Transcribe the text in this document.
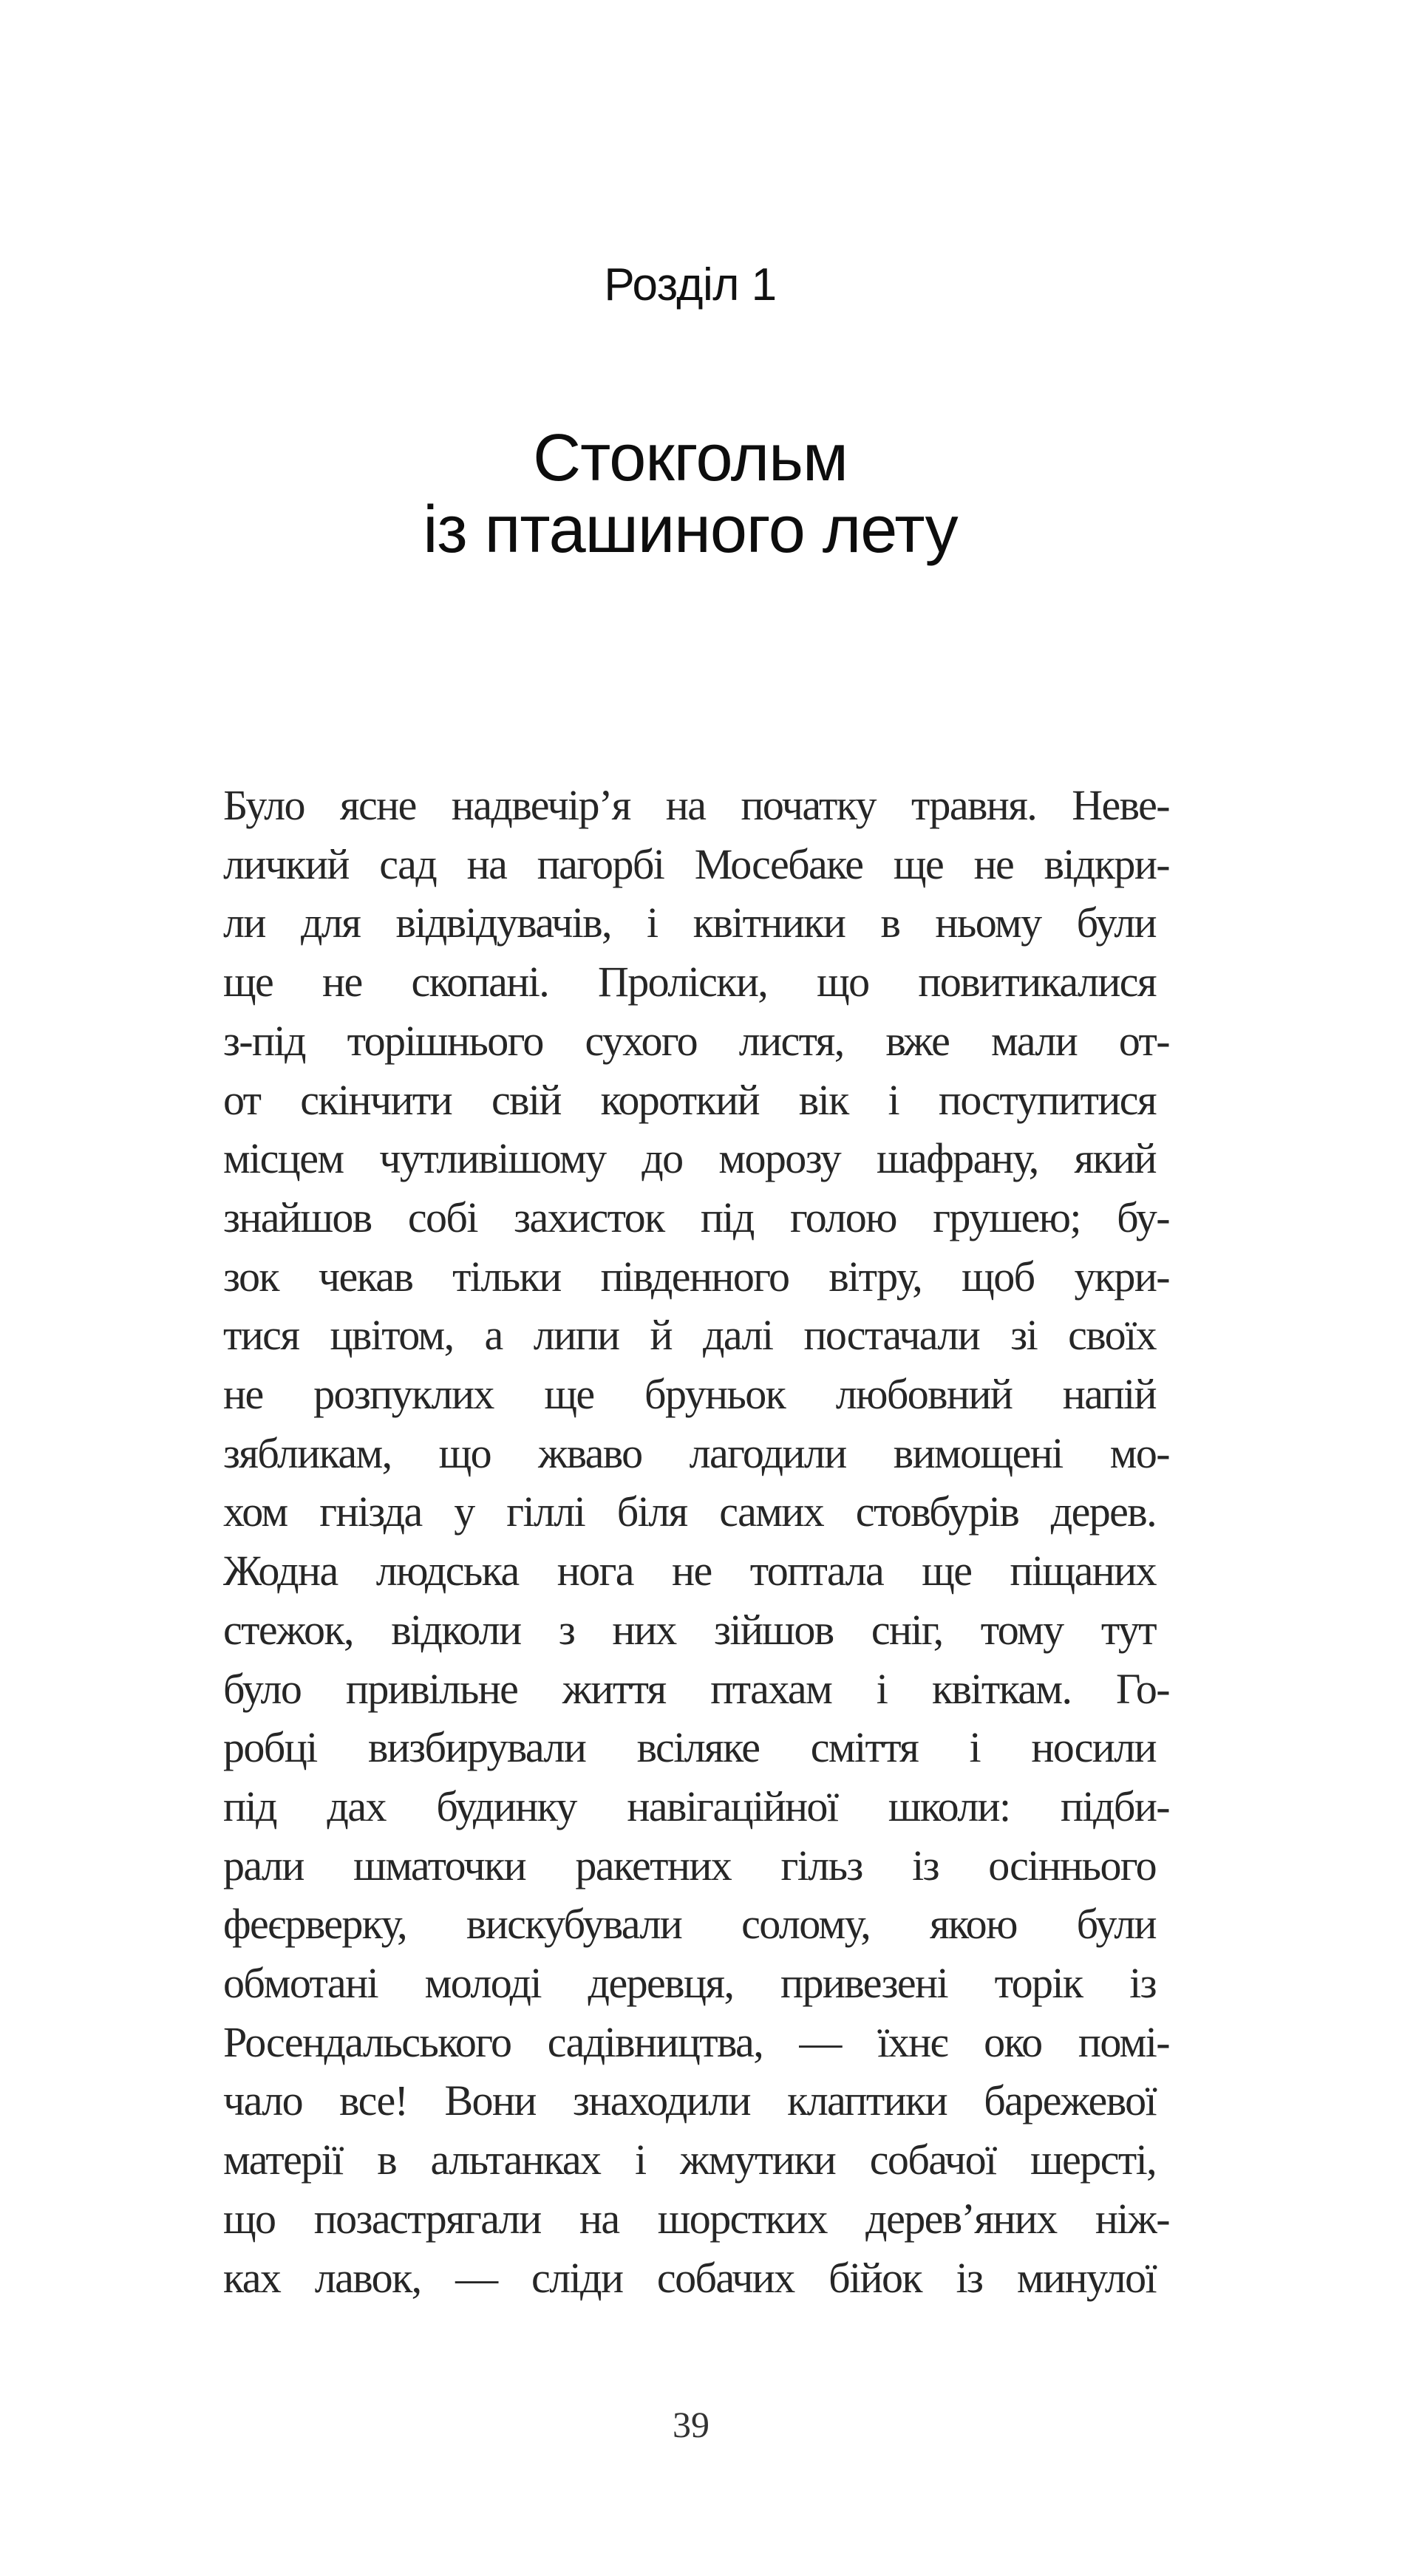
Розділ 1
Стокгольм
із пташиного лету
Було ясне надвечір’я на початку травня. Неве-
личкий сад на пагорбі Мосебаке ще не відкри-
ли для відвідувачів, і квітники в ньому були
ще не скопані. Проліски, що повитикалися
з-під торішнього сухого листя, вже мали от-
от скінчити свій короткий вік і поступитися
місцем чутливішому до морозу шафрану, який
знайшов собі захисток під голою грушею; бу-
зок чекав тільки південного вітру, щоб укри-
тися цвітом, а липи й далі постачали зі своїх
не розпуклих ще бруньок любовний напій
зябликам, що жваво лагодили вимощені мо-
хом гнізда у гіллі біля самих стовбурів дерев.
Жодна людська нога не топтала ще піщаних
стежок, відколи з них зійшов сніг, тому тут
було привільне життя птахам і квіткам. Го-
робці визбирували всіляке сміття і носили
під дах будинку навігаційної школи: підби-
рали шматочки ракетних гільз із осіннього
феєрверку, вискубували солому, якою були
обмотані молоді деревця, привезені торік із
Росендальського садівництва, — їхнє око помі-
чало все! Вони знаходили клаптики барежевої
матерії в альтанках і жмутики собачої шерсті,
що позастрягали на шорстких дерев’яних ніж-
ках лавок, — сліди собачих бійок із минулої
39
